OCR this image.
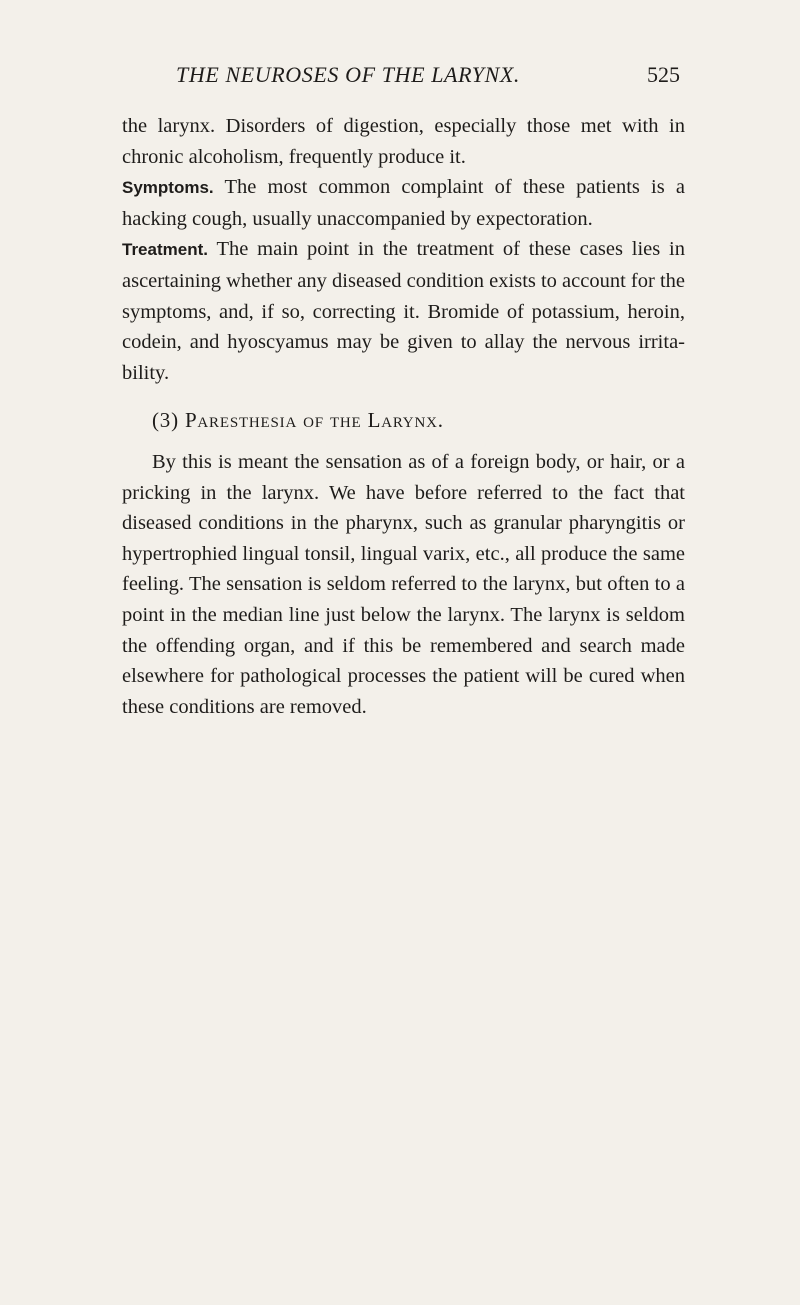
THE NEUROSES OF THE LARYNX.	525

the larynx. Disorders of digestion, especially those met with in chronic alcoholism, frequently produce it.

Symptoms. The most common complaint of these patients is a hacking cough, usually unaccompanied by expectoration.

Treatment. The main point in the treatment of these cases lies in ascertaining whether any diseased condition exists to account for the symptoms, and, if so, correcting it. Bromide of potassium, heroin, codein, and hyoscyamus may be given to allay the nervous irritability.

(3) Paresthesia of the Larynx.

By this is meant the sensation as of a foreign body, or hair, or a pricking in the larynx. We have before referred to the fact that diseased conditions in the pharynx, such as granular pharyngitis or hypertrophied lingual tonsil, lingual varix, etc., all produce the same feeling. The sensation is seldom referred to the larynx, but often to a point in the median line just below the larynx. The larynx is seldom the offending organ, and if this be remembered and search made elsewhere for pathological processes the patient will be cured when these conditions are removed.
